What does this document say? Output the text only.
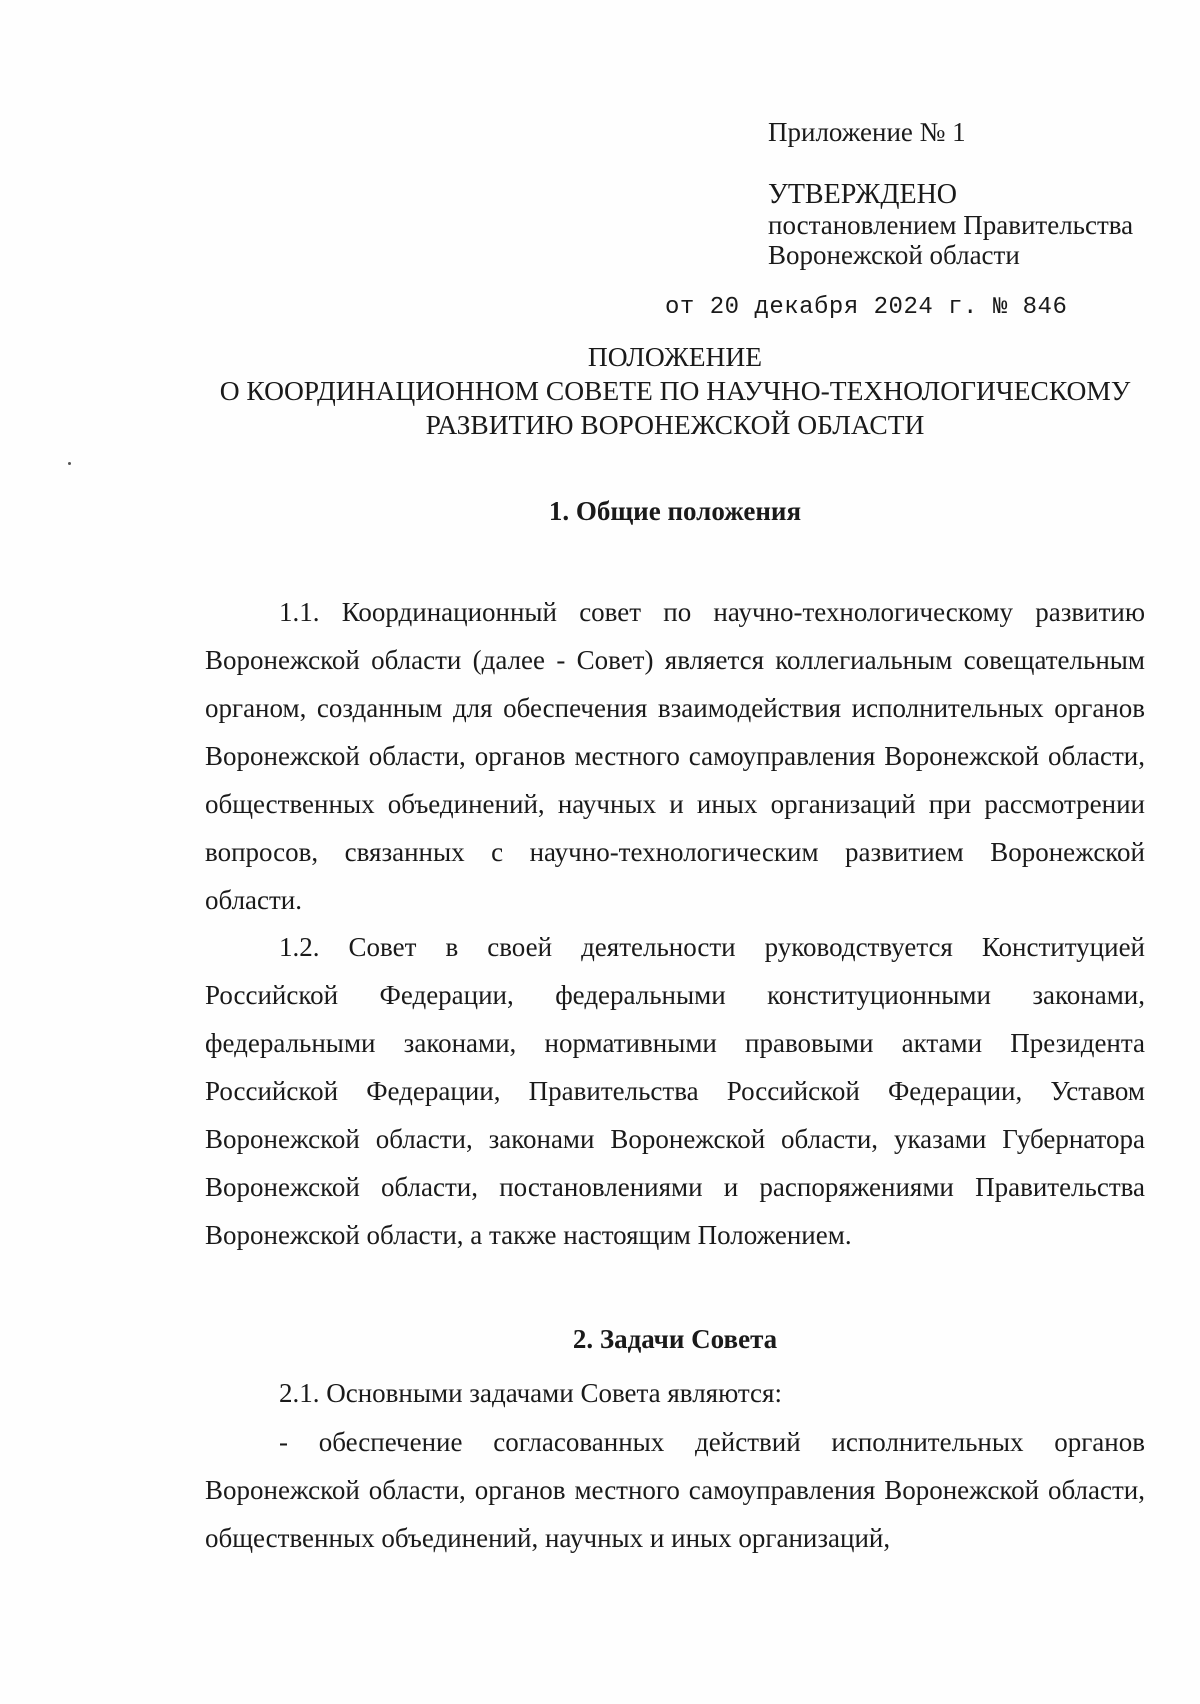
Приложение № 1
УТВЕРЖДЕНО
постановлением Правительства
Воронежской области
от 20 декабря 2024 г. № 846
ПОЛОЖЕНИЕ
О КООРДИНАЦИОННОМ СОВЕТЕ ПО НАУЧНО-ТЕХНОЛОГИЧЕСКОМУ
РАЗВИТИЮ ВОРОНЕЖСКОЙ ОБЛАСТИ
1. Общие положения

1.1. Координационный совет по научно-технологическому развитию Воронежской области (далее - Совет) является коллегиальным совещательным органом, созданным для обеспечения взаимодействия исполнительных органов Воронежской области, органов местного самоуправления Воронежской области, общественных объединений, научных и иных организаций при рассмотрении вопросов, связанных с научно-технологическим развитием Воронежской области.

1.2. Совет в своей деятельности руководствуется Конституцией Российской Федерации, федеральными конституционными законами, федеральными законами, нормативными правовыми актами Президента Российской Федерации, Правительства Российской Федерации, Уставом Воронежской области, законами Воронежской области, указами Губернатора Воронежской области, постановлениями и распоряжениями Правительства Воронежской области, а также настоящим Положением.

2. Задачи Совета

2.1. Основными задачами Совета являются:

- обеспечение согласованных действий исполнительных органов Воронежской области, органов местного самоуправления Воронежской области, общественных объединений, научных и иных организаций,
